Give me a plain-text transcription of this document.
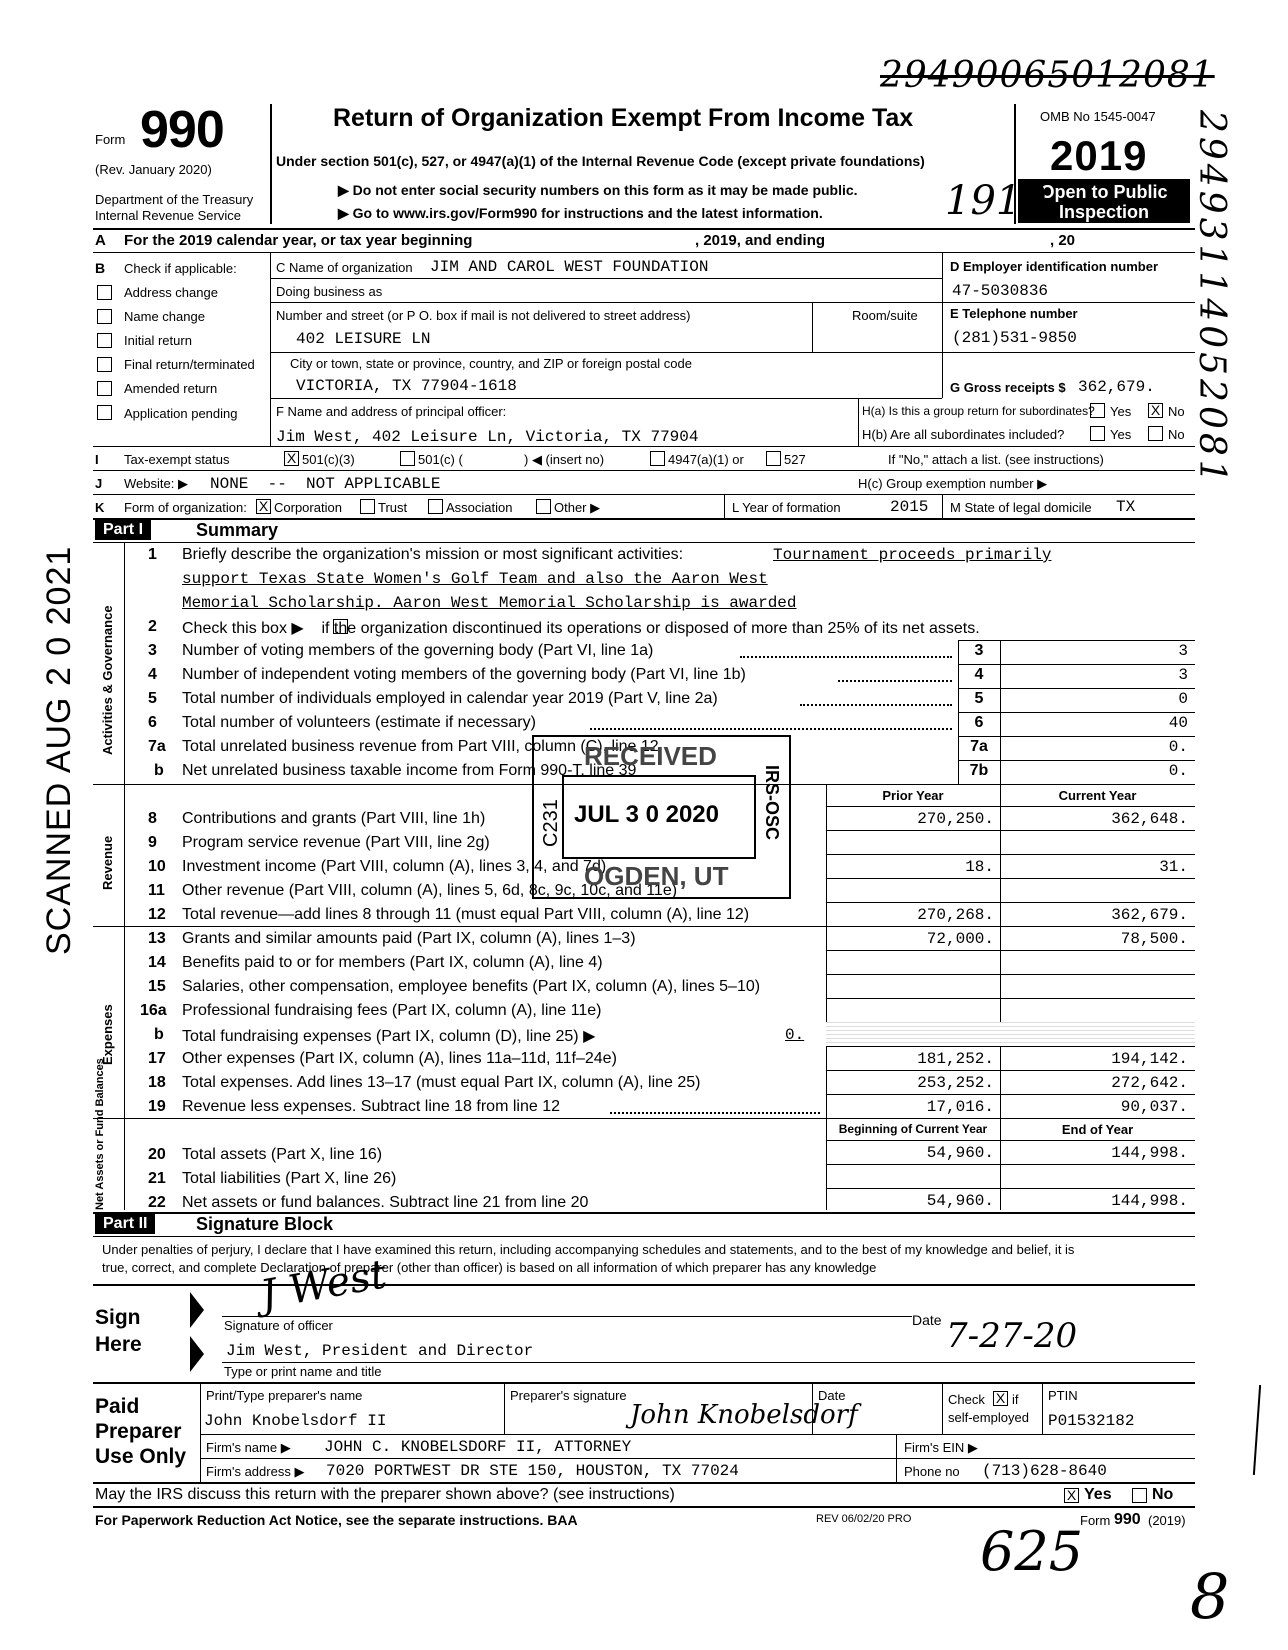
29490065012081
29493114052081
SCANNED AUG 2 0 2021
Form 990
(Rev. January 2020)
Department of the Treasury
Internal Revenue Service
Return of Organization Exempt From Income Tax
Under section 501(c), 527, or 4947(a)(1) of the Internal Revenue Code (except private foundations)
▶ Do not enter social security numbers on this form as it may be made public.
▶ Go to www.irs.gov/Form990 for instructions and the latest information.
OMB No 1545-0047
2019
Open to Public
Inspection
1910
A For the 2019 calendar year, or tax year beginning	, 2019, and ending	, 20
B Check if applicable:
Address change
Name change
Initial return
Final return/terminated
Amended return
Application pending
C Name of organization JIM AND CAROL WEST FOUNDATION
Doing business as
Number and street (or P O. box if mail is not delivered to street address)	Room/suite
402 LEISURE LN
City or town, state or province, country, and ZIP or foreign postal code
VICTORIA, TX 77904-1618
D Employer identification number
47-5030836
E Telephone number
(281)531-9850
G Gross receipts $ 362,679.
F Name and address of principal officer:
Jim West, 402 Leisure Ln, Victoria, TX 77904
H(a) Is this a group return for subordinates? Yes X No
H(b) Are all subordinates included?	Yes	No
I Tax-exempt status	X 501(c)(3)	501(c) (	) ◀ (insert no)	4947(a)(1) or	527	If "No," attach a list. (see instructions)
J Website: ▶ NONE  --  NOT APPLICABLE	H(c) Group exemption number ▶
K Form of organization: X Corporation	Trust	Association	Other ▶	L Year of formation	2015 M State of legal domicile TX
Part I	Summary
Activities & Governance
Revenue
Expenses
Net Assets or Fund Balances
1 Briefly describe the organization's mission or most significant activities:	Tournament proceeds primarily
support Texas State Women's Golf Team and also the Aaron West
Memorial Scholarship. Aaron West Memorial Scholarship is awarded
2 Check this box ▶    if the organization discontinued its operations or disposed of more than 25% of its net assets.
3 Number of voting members of the governing body (Part VI, line 1a)	3	3
4 Number of independent voting members of the governing body (Part VI, line 1b)	4	3
5 Total number of individuals employed in calendar year 2019 (Part V, line 2a)	5	0
6 Total number of volunteers (estimate if necessary)	6	40
7a Total unrelated business revenue from Part VIII, column (C), line 12	7a	0.
b Net unrelated business taxable income from Form 990-T, line 39	7b	0.
Prior Year	Current Year
8 Contributions and grants (Part VIII, line 1h)	270,250.	362,648.
9 Program service revenue (Part VIII, line 2g)
10 Investment income (Part VIII, column (A), lines 3, 4, and 7d)	18.	31.
11 Other revenue (Part VIII, column (A), lines 5, 6d, 8c, 9c, 10c, and 11e)
12 Total revenue—add lines 8 through 11 (must equal Part VIII, column (A), line 12)	270,268.	362,679.
13 Grants and similar amounts paid (Part IX, column (A), lines 1–3)	72,000.	78,500.
14 Benefits paid to or for members (Part IX, column (A), line 4)
15 Salaries, other compensation, employee benefits (Part IX, column (A), lines 5–10)
16a Professional fundraising fees (Part IX, column (A), line 11e)
b Total fundraising expenses (Part IX, column (D), line 25) ▶	0.
17 Other expenses (Part IX, column (A), lines 11a–11d, 11f–24e)	181,252.	194,142.
18 Total expenses. Add lines 13–17 (must equal Part IX, column (A), line 25)	253,252.	272,642.
19 Revenue less expenses. Subtract line 18 from line 12	17,016.	90,037.
Beginning of Current Year	End of Year
20 Total assets (Part X, line 16)	54,960.	144,998.
21 Total liabilities (Part X, line 26)
22 Net assets or fund balances. Subtract line 21 from line 20	54,960.	144,998.
RECEIVED
JUL 3 0 2020
C231	IRS-OSC
OGDEN, UT
Part II	Signature Block
Under penalties of perjury, I declare that I have examined this return, including accompanying schedules and statements, and to the best of my knowledge and belief, it is
true, correct, and complete Declaration of preparer (other than officer) is based on all information of which preparer has any knowledge
Sign
Here
J West
Signature of officer	Date 7-27-20
Jim West, President and Director
Type or print name and title
Paid
Preparer
Use Only
Print/Type preparer's name
John Knobelsdorf II
Preparer's signature
John Knobelsdorf
Date	Check X if
self-employed
PTIN
P01532182
Firm's name ▶ JOHN C. KNOBELSDORF II, ATTORNEY	Firm's EIN ▶
Firm's address ▶ 7020 PORTWEST DR STE 150, HOUSTON, TX 77024	Phone no (713)628-8640
May the IRS discuss this return with the preparer shown above? (see instructions)	X Yes	No
For Paperwork Reduction Act Notice, see the separate instructions. BAA	REV 06/02/20 PRO	Form 990 (2019)
625
8
